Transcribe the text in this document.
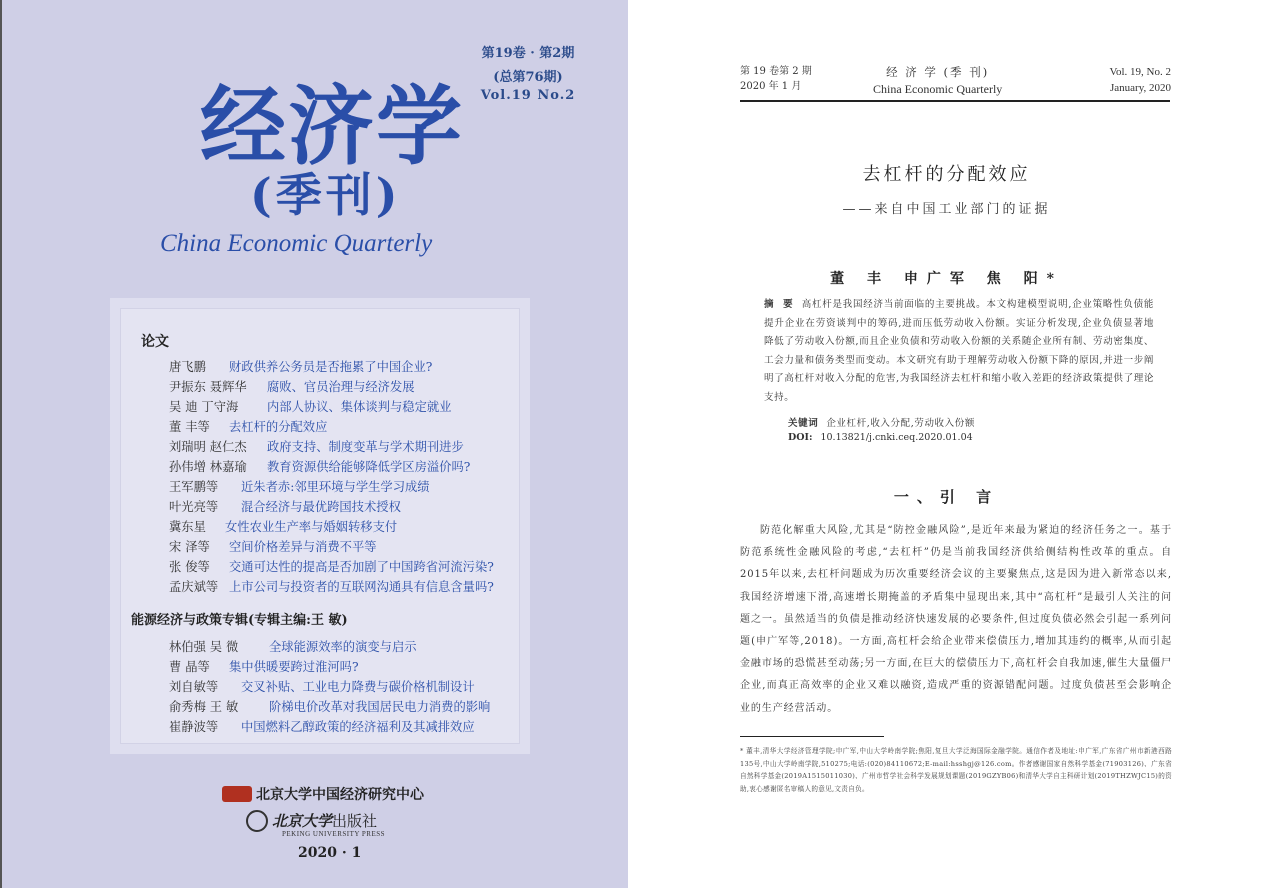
第19卷 · 第2期
(总第76期)
Vol.19 No.2
经济学
(季刊)
China Economic Quarterly
论文
唐飞鹏 财政供养公务员是否拖累了中国企业?
尹振东 聂辉华 腐败、官员治理与经济发展
吴 迪 丁守海 内部人协议、集体谈判与稳定就业
董 丰等 去杠杆的分配效应
刘瑞明 赵仁杰 政府支持、制度变革与学术期刊进步
孙伟增 林嘉瑜 教育资源供给能够降低学区房溢价吗?
王军鹏等 近朱者赤:邻里环境与学生学习成绩
叶光亮等 混合经济与最优跨国技术授权
冀东星 女性农业生产率与婚姻转移支付
宋 泽等 空间价格差异与消费不平等
张 俊等 交通可达性的提高是否加剧了中国跨省河流污染?
孟庆斌等 上市公司与投资者的互联网沟通具有信息含量吗?
能源经济与政策专辑(专辑主编:王 敏)
林伯强 吴 微 全球能源效率的演变与启示
曹 晶等 集中供暖要跨过淮河吗?
刘自敏等 交叉补贴、工业电力降费与碳价格机制设计
俞秀梅 王 敏 阶梯电价改革对我国居民电力消费的影响
崔静波等 中国燃料乙醇政策的经济福利及其减排效应
北京大学中国经济研究中心
北京大学出版社
PEKING UNIVERSITY PRESS
2020 · 1
第 19 卷第 2 期
2020 年 1 月
经 济 学 (季 刊)
China Economic Quarterly
Vol. 19, No. 2
January, 2020
去杠杆的分配效应
——来自中国工业部门的证据
董 丰 申广军 焦 阳*
摘 要 高杠杆是我国经济当前面临的主要挑战。本文构建模型说明,企业策略性负债能提升企业在劳资谈判中的筹码,进而压低劳动收入份额。实证分析发现,企业负债显著地降低了劳动收入份额,而且企业负债和劳动收入份额的关系随企业所有制、劳动密集度、工会力量和债务类型而变动。本文研究有助于理解劳动收入份额下降的原因,并进一步阐明了高杠杆对收入分配的危害,为我国经济去杠杆和缩小收入差距的经济政策提供了理论支持。
关键词 企业杠杆,收入分配,劳动收入份额
DOI: 10.13821/j.cnki.ceq.2020.01.04
一、引 言
防范化解重大风险,尤其是“防控金融风险”,是近年来最为紧迫的经济任务之一。基于防范系统性金融风险的考虑,“去杠杆”仍是当前我国经济供给侧结构性改革的重点。自2015年以来,去杠杆问题成为历次重要经济会议的主要聚焦点,这是因为进入新常态以来,我国经济增速下滑,高速增长期掩盖的矛盾集中显现出来,其中“高杠杆”是最引人关注的问题之一。虽然适当的负债是推动经济快速发展的必要条件,但过度负债必然会引起一系列问题(申广军等,2018)。一方面,高杠杆会给企业带来偿债压力,增加其违约的概率,从而引起金融市场的恐慌甚至动荡;另一方面,在巨大的偿债压力下,高杠杆会自我加速,催生大量僵尸企业,而真正高效率的企业又难以融资,造成严重的资源错配问题。过度负债甚至会影响企业的生产经营活动。
* 董丰,清华大学经济管理学院;申广军,中山大学岭南学院;焦阳,复旦大学泛海国际金融学院。通信作者及地址:申广军,广东省广州市新港西路135号,中山大学岭南学院,510275;电话:(020)84110672;E-mail:hsshgj@126.com。作者感谢国家自然科学基金(71903126)、广东省自然科学基金(2019A1515011030)、广州市哲学社会科学发展规划课题(2019GZYB06)和清华大学自主科研计划(2019THZWJC15)的资助,衷心感谢匿名审稿人的意见,文责自负。
